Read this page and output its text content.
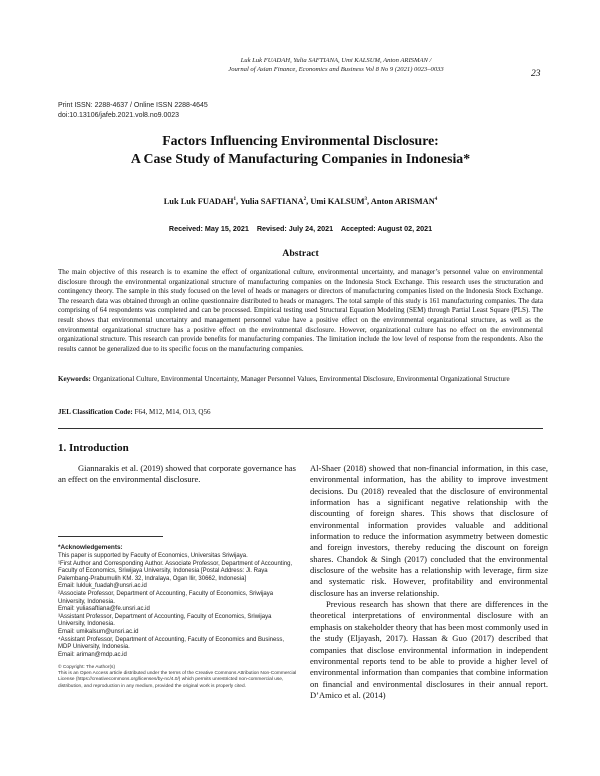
Luk Luk FUADAH, Yulia SAFTIANA, Umi KALSUM, Anton ARISMAN /
Journal of Asian Finance, Economics and Business Vol 8 No 9 (2021) 0023–0033	23
Print ISSN: 2288-4637 / Online ISSN 2288-4645
doi:10.13106/jafeb.2021.vol8.no9.0023
Factors Influencing Environmental Disclosure:
A Case Study of Manufacturing Companies in Indonesia*
Luk Luk FUADAH$^1$, Yulia SAFTIANA$^2$, Umi KALSUM$^3$, Anton ARISMAN$^4$
Received: May 15, 2021    Revised: July 24, 2021    Accepted: August 02, 2021
Abstract
The main objective of this research is to examine the effect of organizational culture, environmental uncertainty, and manager’s personnel value on environmental disclosure through the environmental organizational structure of manufacturing companies on the Indonesia Stock Exchange. This research uses the structuration and contingency theory. The sample in this study focused on the level of heads or managers or directors of manufacturing companies listed on the Indonesia Stock Exchange. The research data was obtained through an online questionnaire distributed to heads or managers. The total sample of this study is 161 manufacturing companies. The data comprising of 64 respondents was completed and can be processed. Empirical testing used Structural Equation Modeling (SEM) through Partial Least Square (PLS). The result shows that environmental uncertainty and management personnel value have a positive effect on the environmental organizational structure, as well as the environmental organizational structure has a positive effect on the environmental disclosure. However, organizational culture has no effect on the environmental organizational structure. This research can provide benefits for manufacturing companies. The limitation include the low level of response from the respondents. Also the results cannot be generalized due to its specific focus on the manufacturing companies.
Keywords: Organizational Culture, Environmental Uncertainty, Manager Personnel Values, Environmental Disclosure, Environmental Organizational Structure
JEL Classification Code: F64, M12, M14, O13, Q56
1. Introduction
Giannarakis et al. (2019) showed that corporate governance has an effect on the environmental disclosure.
*Acknowledgements:
This paper is supported by Faculty of Economics, Universitas Sriwijaya.
¹First Author and Corresponding Author. Associate Professor, Department of Accounting, Faculty of Economics, Sriwijaya University, Indonesia [Postal Address: Jl. Raya Palembang-Prabumulih KM. 32, Indralaya, Ogan Ilir, 30662, Indonesia]
Email: lukluk_fuadah@unsri.ac.id
²Associate Professor, Department of Accounting, Faculty of Economics, Sriwijaya University, Indonesia.
Email: yuliasaftiana@fe.unsri.ac.id
³Assistant Professor, Department of Accounting, Faculty of Economics, Sriwijaya University, Indonesia.
Email: umikalsum@unsri.ac.id
⁴Assistant Professor, Department of Accounting, Faculty of Economics and Business, MDP University, Indonesia.
Email: ariman@mdp.ac.id
© Copyright: The Author(s)
This is an Open Access article distributed under the terms of the Creative Commons Attribution Non-Commercial License (https://creativecommons.org/licenses/by-nc/4.0/) which permits unrestricted non-commercial use, distribution, and reproduction in any medium, provided the original work is properly cited.
Al-Shaer (2018) showed that non-financial information, in this case, environmental information, has the ability to improve investment decisions. Du (2018) revealed that the disclosure of environmental information has a significant negative relationship with the discounting of foreign shares. This shows that disclosure of environmental information provides valuable and additional information to reduce the information asymmetry between domestic and foreign investors, thereby reducing the discount on foreign shares. Chandok & Singh (2017) concluded that the environmental disclosure of the website has a relationship with leverage, firm size and systematic risk. However, profitability and environmental disclosure has an inverse relationship.
Previous research has shown that there are differences in the theoretical interpretations of environmental disclosure with an emphasis on stakeholder theory that has been most commonly used in the study (Eljayash, 2017). Hassan & Guo (2017) described that companies that disclose environmental information in independent environmental reports tend to be able to provide a higher level of environmental information than companies that combine information on financial and environmental disclosures in their annual report. D’Amico et al. (2014)
